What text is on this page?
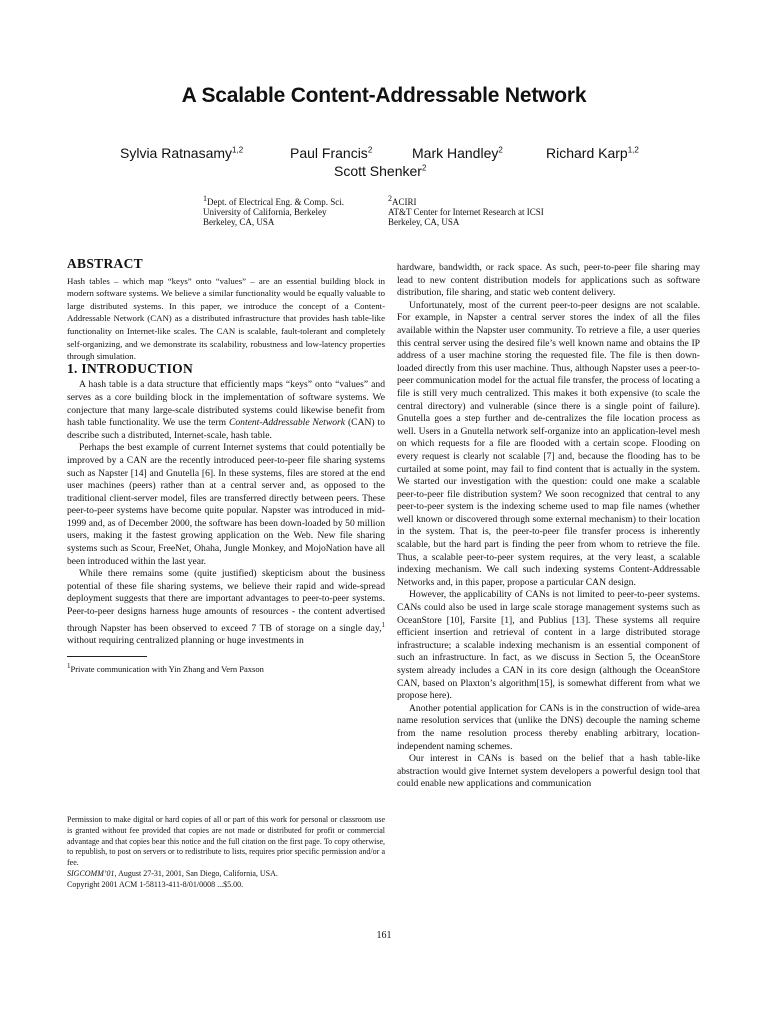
A Scalable Content-Addressable Network
Sylvia Ratnasamy$^{1,2}$	Paul Francis$^2$	Mark Handley$^2$	Richard Karp$^{1,2}$
Scott Shenker$^2$
$^1$Dept. of Electrical Eng. & Comp. Sci.
University of California, Berkeley
Berkeley, CA, USA
$^2$ACIRI
AT&T Center for Internet Research at ICSI
Berkeley, CA, USA
ABSTRACT

Hash tables – which map “keys” onto “values” – are an essential building block in modern software systems. We believe a similar functionality would be equally valuable to large distributed systems. In this paper, we introduce the concept of a Content-Addressable Network (CAN) as a distributed infrastructure that provides hash table-like functionality on Internet-like scales. The CAN is scalable, fault-tolerant and completely self-organizing, and we demonstrate its scalability, robustness and low-latency properties through simulation.

1. INTRODUCTION

A hash table is a data structure that efficiently maps “keys” onto “values” and serves as a core building block in the implementation of software systems. We conjecture that many large-scale distributed systems could likewise benefit from hash table functionality. We use the term Content-Addressable Network (CAN) to describe such a distributed, Internet-scale, hash table.

Perhaps the best example of current Internet systems that could potentially be improved by a CAN are the recently introduced peer-to-peer file sharing systems such as Napster [14] and Gnutella [6]. In these systems, files are stored at the end user machines (peers) rather than at a central server and, as opposed to the traditional client-server model, files are transferred directly between peers. These peer-to-peer systems have become quite popular. Napster was introduced in mid-1999 and, as of December 2000, the software has been down-loaded by 50 million users, making it the fastest growing application on the Web. New file sharing systems such as Scour, FreeNet, Ohaha, Jungle Monkey, and MojoNation have all been introduced within the last year.

While there remains some (quite justified) skepticism about the business potential of these file sharing systems, we believe their rapid and wide-spread deployment suggests that there are important advantages to peer-to-peer systems. Peer-to-peer designs harness huge amounts of resources - the content advertised through Napster has been observed to exceed 7 TB of storage on a single day,$^1$ without requiring centralized planning or huge investments in

$^1$Private communication with Yin Zhang and Vern Paxson
Permission to make digital or hard copies of all or part of this work for personal or classroom use is granted without fee provided that copies are not made or distributed for profit or commercial advantage and that copies bear this notice and the full citation on the first page. To copy otherwise, to republish, to post on servers or to redistribute to lists, requires prior specific permission and/or a fee.
SIGCOMM’01, August 27-31, 2001, San Diego, California, USA.
Copyright 2001 ACM 1-58113-411-8/01/0008 ...$5.00.

hardware, bandwidth, or rack space. As such, peer-to-peer file sharing may lead to new content distribution models for applications such as software distribution, file sharing, and static web content delivery.

Unfortunately, most of the current peer-to-peer designs are not scalable. For example, in Napster a central server stores the index of all the files available within the Napster user community. To retrieve a file, a user queries this central server using the desired file’s well known name and obtains the IP address of a user machine storing the requested file. The file is then down-loaded directly from this user machine. Thus, although Napster uses a peer-to-peer communication model for the actual file transfer, the process of locating a file is still very much centralized. This makes it both expensive (to scale the central directory) and vulnerable (since there is a single point of failure). Gnutella goes a step further and de-centralizes the file location process as well. Users in a Gnutella network self-organize into an application-level mesh on which requests for a file are flooded with a certain scope. Flooding on every request is clearly not scalable [7] and, because the flooding has to be curtailed at some point, may fail to find content that is actually in the system. We started our investigation with the question: could one make a scalable peer-to-peer file distribution system? We soon recognized that central to any peer-to-peer system is the indexing scheme used to map file names (whether well known or discovered through some external mechanism) to their location in the system. That is, the peer-to-peer file transfer process is inherently scalable, but the hard part is finding the peer from whom to retrieve the file. Thus, a scalable peer-to-peer system requires, at the very least, a scalable indexing mechanism. We call such indexing systems Content-Addressable Networks and, in this paper, propose a particular CAN design.

However, the applicability of CANs is not limited to peer-to-peer systems. CANs could also be used in large scale storage management systems such as OceanStore [10], Farsite [1], and Publius [13]. These systems all require efficient insertion and retrieval of content in a large distributed storage infrastructure; a scalable indexing mechanism is an essential component of such an infrastructure. In fact, as we discuss in Section 5, the OceanStore system already includes a CAN in its core design (although the OceanStore CAN, based on Plaxton’s algorithm[15], is somewhat different from what we propose here).

Another potential application for CANs is in the construction of wide-area name resolution services that (unlike the DNS) decouple the naming scheme from the name resolution process thereby enabling arbitrary, location-independent naming schemes.

Our interest in CANs is based on the belief that a hash table-like abstraction would give Internet system developers a powerful design tool that could enable new applications and communication

161
